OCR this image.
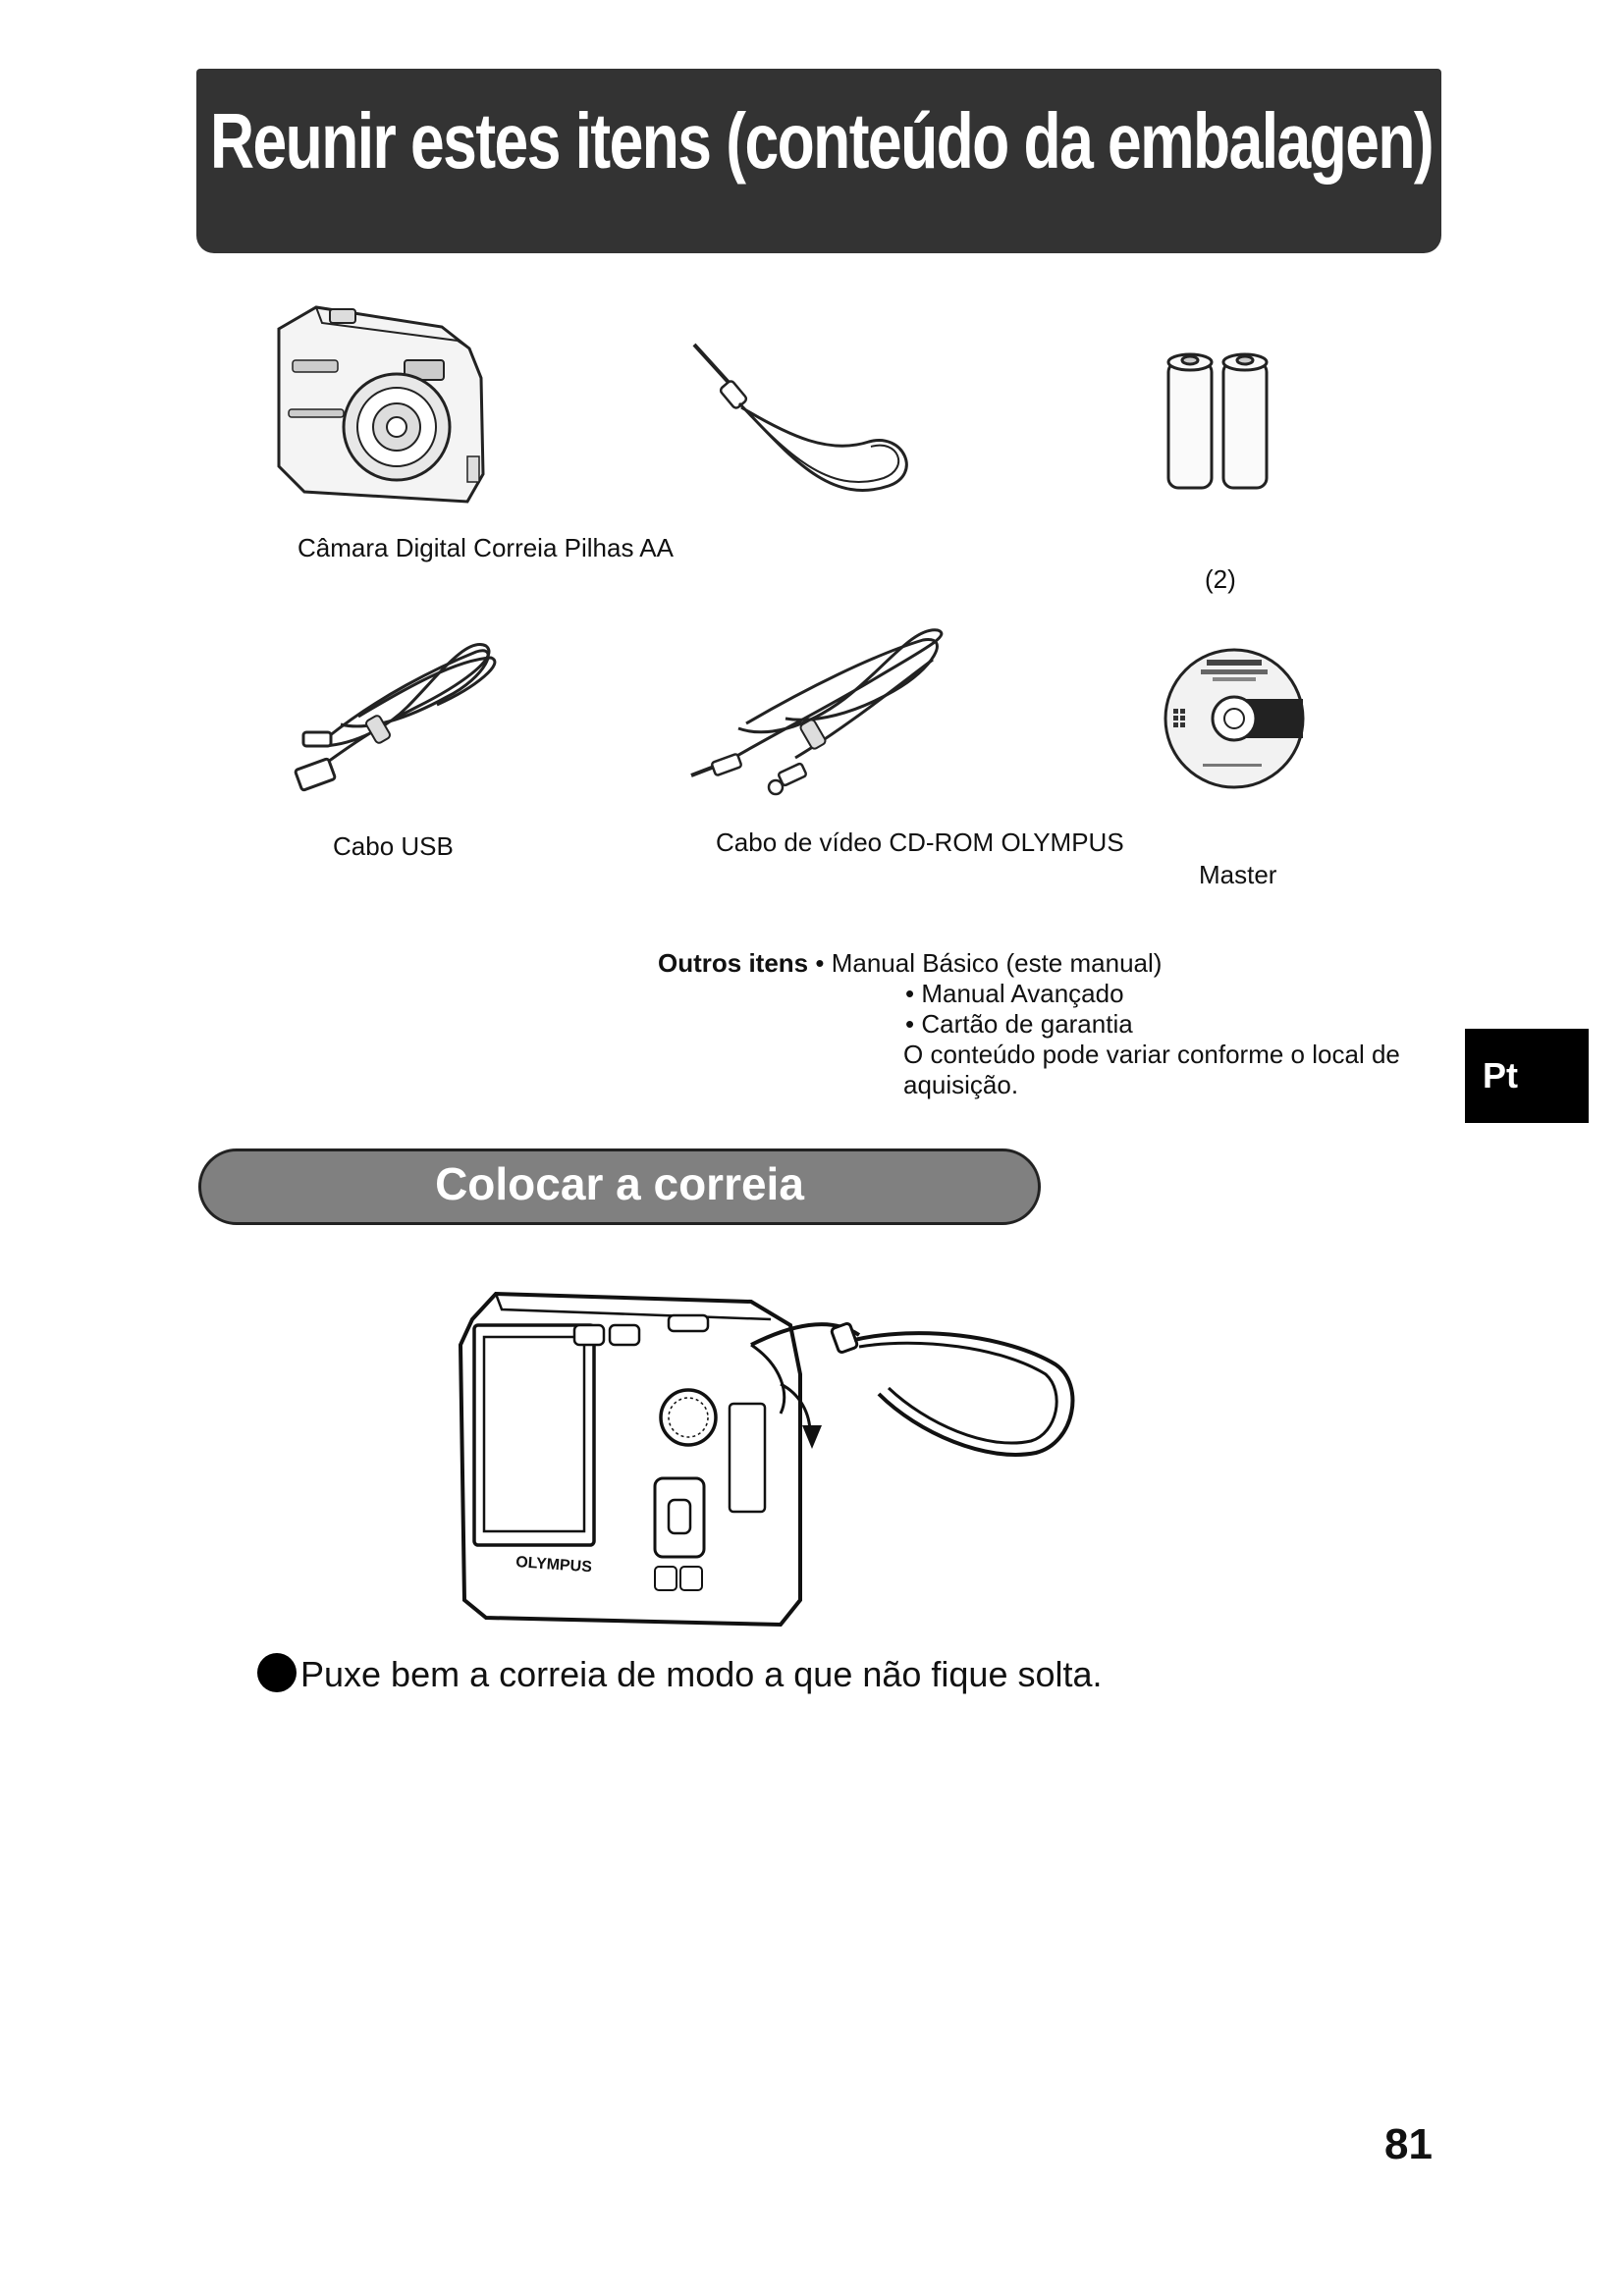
Reunir estes itens (conteúdo da embalagen)
Câmara Digital Correia Pilhas AA
(2)
Cabo USB	Cabo de vídeo CD-ROM OLYMPUS
Master
Outros itens • Manual Básico (este manual)
• Manual Avançado
• Cartão de garantia
O conteúdo pode variar conforme o local de aquisição.	Pt
Colocar a correia
OLYMPUS
Puxe bem a correia de modo a que não fique solta.
81
